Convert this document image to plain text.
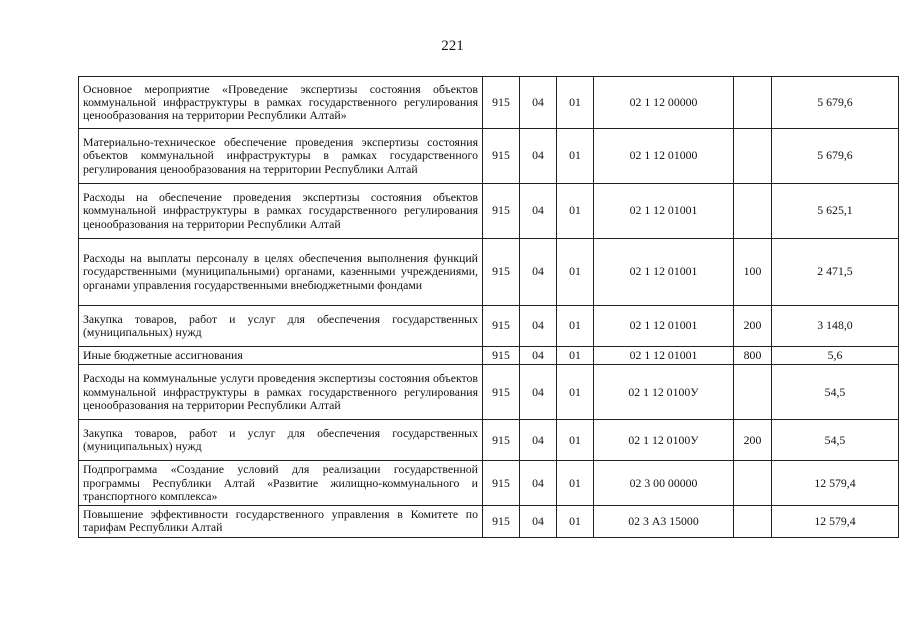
221
Основное мероприятие «Проведение экспертизы состояния объектов коммунальной инфраструктуры в рамках государственного регулирования ценообразования на территории Республики Алтай»	915	04	01	02 1 12 00000		5 679,6
Материально-техническое обеспечение проведения экспертизы состояния объектов коммунальной инфраструктуры в рамках государственного регулирования ценообразования на территории Республики Алтай	915	04	01	02 1 12 01000		5 679,6
Расходы на обеспечение проведения экспертизы состояния объектов коммунальной инфраструктуры в рамках государственного регулирования ценообразования на территории Республики Алтай	915	04	01	02 1 12 01001		5 625,1
Расходы на выплаты персоналу в целях обеспечения выполнения функций государственными (муниципальными) органами, казенными учреждениями, органами управления государственными внебюджетными фондами	915	04	01	02 1 12 01001	100	2 471,5
Закупка товаров, работ и услуг для обеспечения государственных (муниципальных) нужд	915	04	01	02 1 12 01001	200	3 148,0
Иные бюджетные ассигнования	915	04	01	02 1 12 01001	800	5,6
Расходы на коммунальные услуги проведения экспертизы состояния объектов коммунальной инфраструктуры в рамках государственного регулирования ценообразования на территории Республики Алтай	915	04	01	02 1 12 0100У		54,5
Закупка товаров, работ и услуг для обеспечения государственных (муниципальных) нужд	915	04	01	02 1 12 0100У	200	54,5
Подпрограмма «Создание условий для реализации государственной программы Республики Алтай «Развитие жилищно-коммунального и транспортного комплекса»	915	04	01	02 3 00 00000		12 579,4
Повышение эффективности государственного управления в Комитете по тарифам Республики Алтай	915	04	01	02 3 А3 15000		12 579,4
